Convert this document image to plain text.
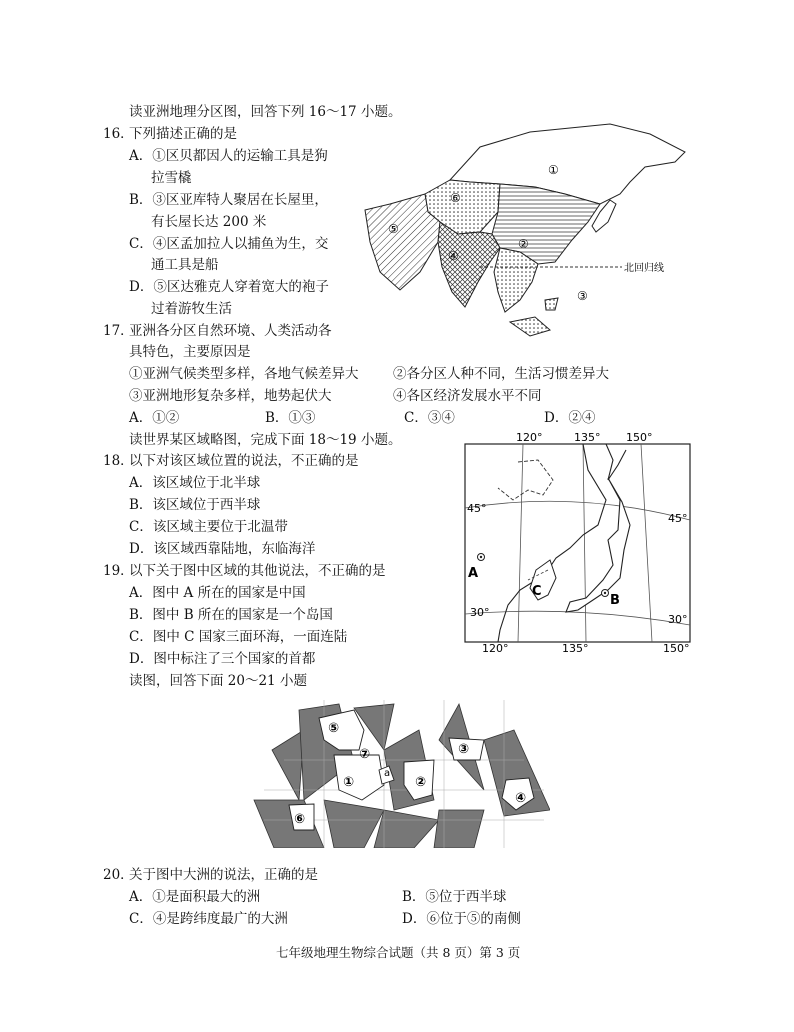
读亚洲地理分区图，回答下列 16～17 小题。
16．
下列描述正确的是
A．①区贝都因人的运输工具是狗
拉雪橇
B．③区亚库特人聚居在长屋里，
有长屋长达 200 米
C．④区孟加拉人以捕鱼为生，交
通工具是船
D．⑤区达雅克人穿着宽大的袍子
过着游牧生活
17．
亚洲各分区自然环境、人类活动各
具特色，主要原因是
①亚洲气候类型多样，各地气候差异大	②各分区人种不同，生活习惯差异大
③亚洲地形复杂多样，地势起伏大	④各区经济发展水平不同
A．①②	B．①③	C．③④	D．②④
读世界某区域略图，完成下面 18～19 小题。
18．
以下对该区域位置的说法，不正确的是
A．该区域位于北半球
B．该区域位于西半球
C．该区域主要位于北温带
D．该区域西靠陆地，东临海洋
19．
以下关于图中区域的其他说法，不正确的是
A．图中 A 所在的国家是中国
B．图中 B 所在的国家是一个岛国
C．图中 C 国家三面环海，一面连陆
D．图中标注了三个国家的首都
读图，回答下面 20～21 小题
20．
关于图中大洲的说法，正确的是
A．①是面积最大的洲	B．⑤位于西半球
C．④是跨纬度最广的大洲	D．⑥位于⑤的南侧
七年级地理生物综合试题（共 8 页）第 3 页
北回归线
①
②
③
④
⑤
⑥
120°	135° 150°
120°	135°	150°
45°
30°
45°
30°
A
B
C
①	②
③
④
⑤
⑥
⑦
a
